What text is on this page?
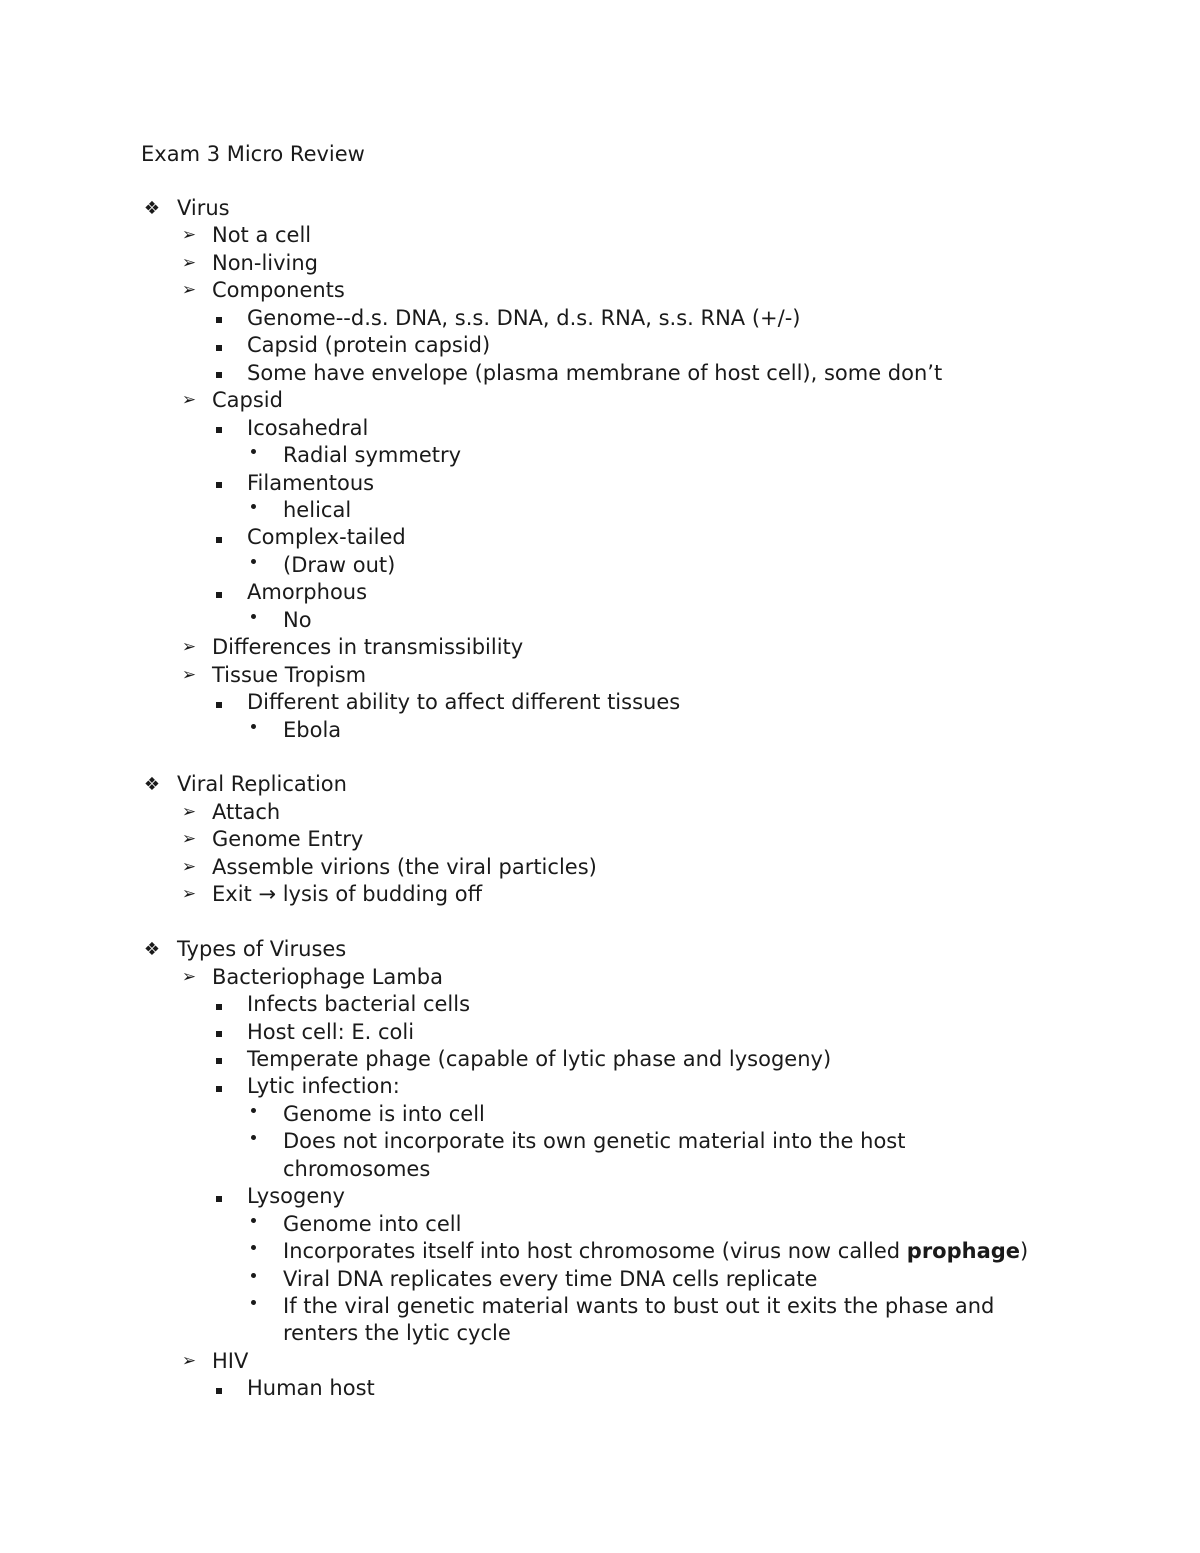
Exam 3 Micro Review
❖ Virus
➢ Not a cell
➢ Non-living
➢ Components
Genome--d.s. DNA, s.s. DNA, d.s. RNA, s.s. RNA (+/-)
Capsid (protein capsid)
Some have envelope (plasma membrane of host cell), some don’t
➢ Capsid
Icosahedral
Radial symmetry
Filamentous
helical
Complex-tailed
(Draw out)
Amorphous
No
➢ Differences in transmissibility
➢ Tissue Tropism
Different ability to affect different tissues
Ebola
❖ Viral Replication
➢ Attach
➢ Genome Entry
➢ Assemble virions (the viral particles)
➢ Exit → lysis of budding off
❖ Types of Viruses
➢ Bacteriophage Lamba
Infects bacterial cells
Host cell: E. coli
Temperate phage (capable of lytic phase and lysogeny)
Lytic infection:
Genome is into cell
Does not incorporate its own genetic material into the host
chromosomes
Lysogeny
Genome into cell
Incorporates itself into host chromosome (virus now called prophage)
Viral DNA replicates every time DNA cells replicate
If the viral genetic material wants to bust out it exits the phase and
renters the lytic cycle
➢ HIV
Human host
